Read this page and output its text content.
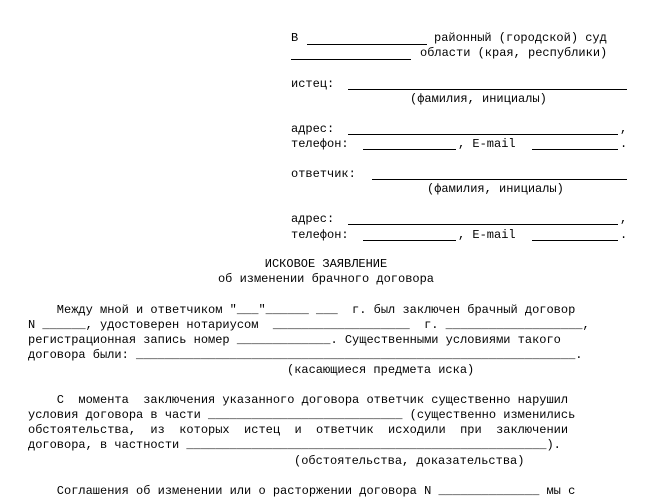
В	районный (городской) суд
области (края, республики)
истец:
(фамилия, инициалы)
адрес:	,
телефон:	, E-mail	.
ответчик:
(фамилия, инициалы)
адрес:	,
телефон:	, E-mail	.
ИСКОВОЕ ЗАЯВЛЕНИЕ
об изменении брачного договора
Между мной и ответчиком "___"______ ___  г. был заключен брачный договор
N ______, удостоверен нотариусом  ___________________  г. ___________________,
регистрационная запись номер _____________. Существенными условиями такого
договора были: _____________________________________________________________.
(касающиеся предмета иска)
С  момента  заключения указанного договора ответчик существенно нарушил
условия договора в части ___________________________ (существенно изменились
обстоятельства,  из  которых  истец  и  ответчик  исходили  при  заключении
договора, в частности __________________________________________________).
(обстоятельства, доказательства)
Соглашения об изменении или о расторжении договора N ______________ мы с
